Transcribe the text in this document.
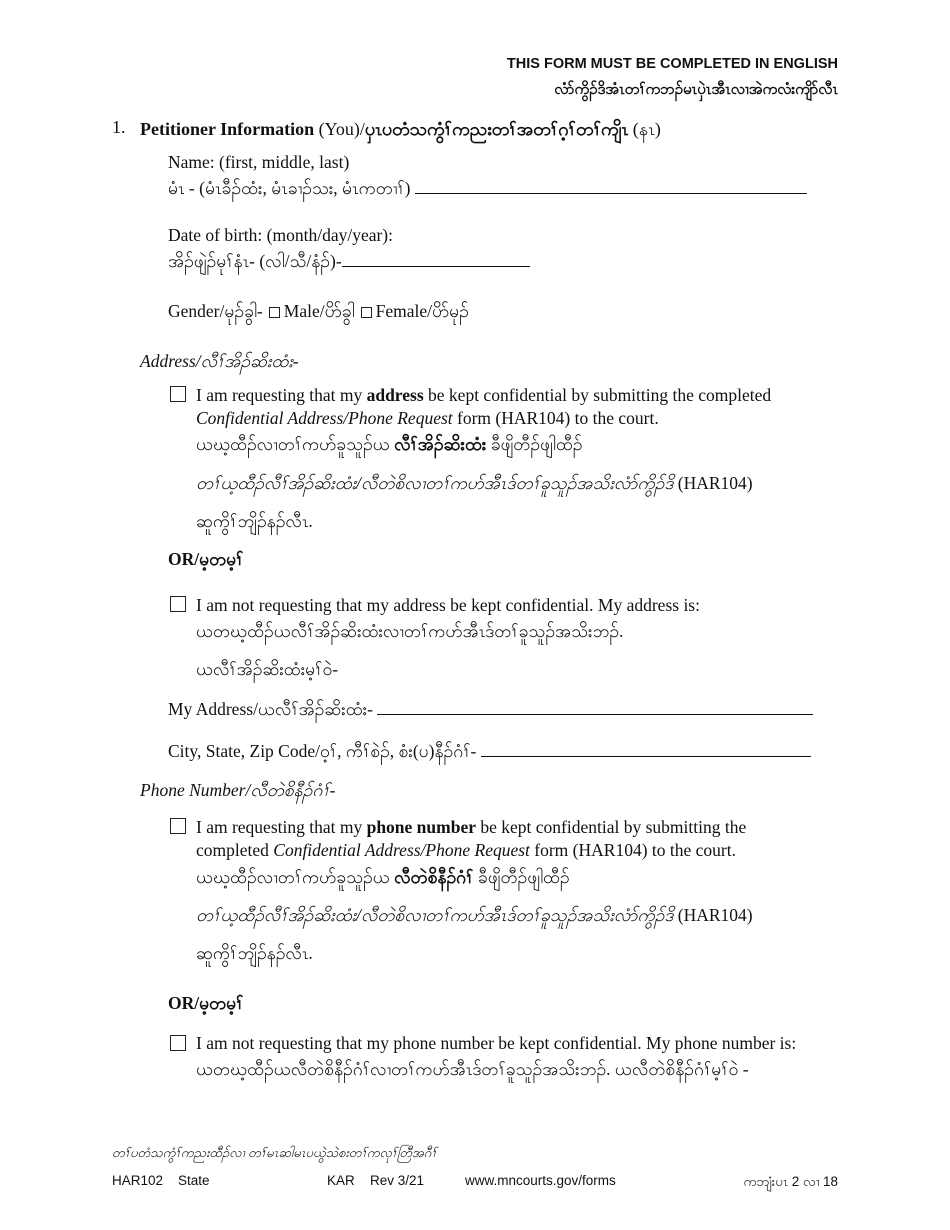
THIS FORM MUST BE COMPLETED IN ENGLISH
လံာ်ကွိၣ်ဒိအံၤတၢ်ကဘၣ်မၤပှဲၤအီၤလၢအဲကလံးကျိာ်လီၤ
1. Petitioner Information (You)/ပှၤပတံသကွံၢ်ကညးတၢ်အတၢ်ဂ့ၢ်တၢ်ကျိၤ (နၤ)
Name: (first, middle, last)
မံၤ - (မံၤခီၣ်ထံး, မံၤခၢၣ်သး, မံၤကတၢၢ်)
Date of birth: (month/day/year):
အိၣ်ဖျဲၣ်မုၢ်နံၤ- (လါ/သီ/နံၣ်)-
Gender/မုၣ်ခွါ- Male/ပိာ်ခွါ Female/ပိာ်မုၣ်
Address/လီၢ်အိၣ်ဆိးထံး-
I am requesting that my address be kept confidential by submitting the completed
Confidential Address/Phone Request form (HAR104) to the court.
ယဃ့ထီၣ်လၢတၢ်ကဟ်ခူသူၣ်ယ လီၢ်အိၣ်ဆိးထံး ခီဖျိတီၣ်ဖျါထီၣ်
တၢ်ယ့ထီၣ်လီၢ်အိၣ်ဆိးထံး/လီတဲစိလၢတၢ်ကဟ်အီၤဒ်တၢ်ခူသူၣ်အသိးလံာ်ကွိၣ်ဒိ (HAR104)
ဆူကွိၢ်ဘျိၣ်နၣ်လီၤ.
OR/မ့တမ့ၢ်
I am not requesting that my address be kept confidential. My address is:
ယတဃ့ထီၣ်ယလီၢ်အိၣ်ဆိးထံးလၢတၢ်ကဟ်အီၤဒ်တၢ်ခူသူၣ်အသိးဘၣ်.
ယလီၢ်အိၣ်ဆိးထံးမ့ၢ်ဝဲ-
My Address/ယလီၢ်အိၣ်ဆိးထံး-
City, State, Zip Code/ဝ့ၢ်, ကီၢ်စဲၣ်, စံး(ပ)နီၣ်ဂံၢ်-
Phone Number/လီတဲစိနီၣ်ဂံၢ်-
I am requesting that my phone number be kept confidential by submitting the
completed Confidential Address/Phone Request form (HAR104) to the court.
ယဃ့ထီၣ်လၢတၢ်ကဟ်ခူသူၣ်ယ လီတဲစိနီၣ်ဂံၢ် ခီဖျိတီၣ်ဖျါထီၣ်
တၢ်ယ့ထီၣ်လီၢ်အိၣ်ဆိးထံး/လီတဲစိလၢတၢ်ကဟ်အီၤဒ်တၢ်ခူသူၣ်အသိးလံာ်ကွိၣ်ဒိ (HAR104)
ဆူကွိၢ်ဘျိၣ်နၣ်လီၤ.
OR/မ့တမ့ၢ်
I am not requesting that my phone number be kept confidential. My phone number is:
ယတဃ့ထီၣ်ယလီတဲစိနီၣ်ဂံၢ်လၢတၢ်ကဟ်အီၤဒ်တၢ်ခူသူၣ်အသိးဘၣ်. ယလီတဲစိနီၣ်ဂံၢ်မ့ၢ်ဝဲ -
တၢ်ပတံသကွံၢ်ကညးထီၣ်လၢ တၢ်မၤဆါမၤပယွဲသဲစးတၢ်ကလုၢ်တြီအဂီၢ်
HAR102 State	KAR Rev 3/21	www.mncourts.gov/forms	ကဘျံးပၤ 2 လၢ 18
